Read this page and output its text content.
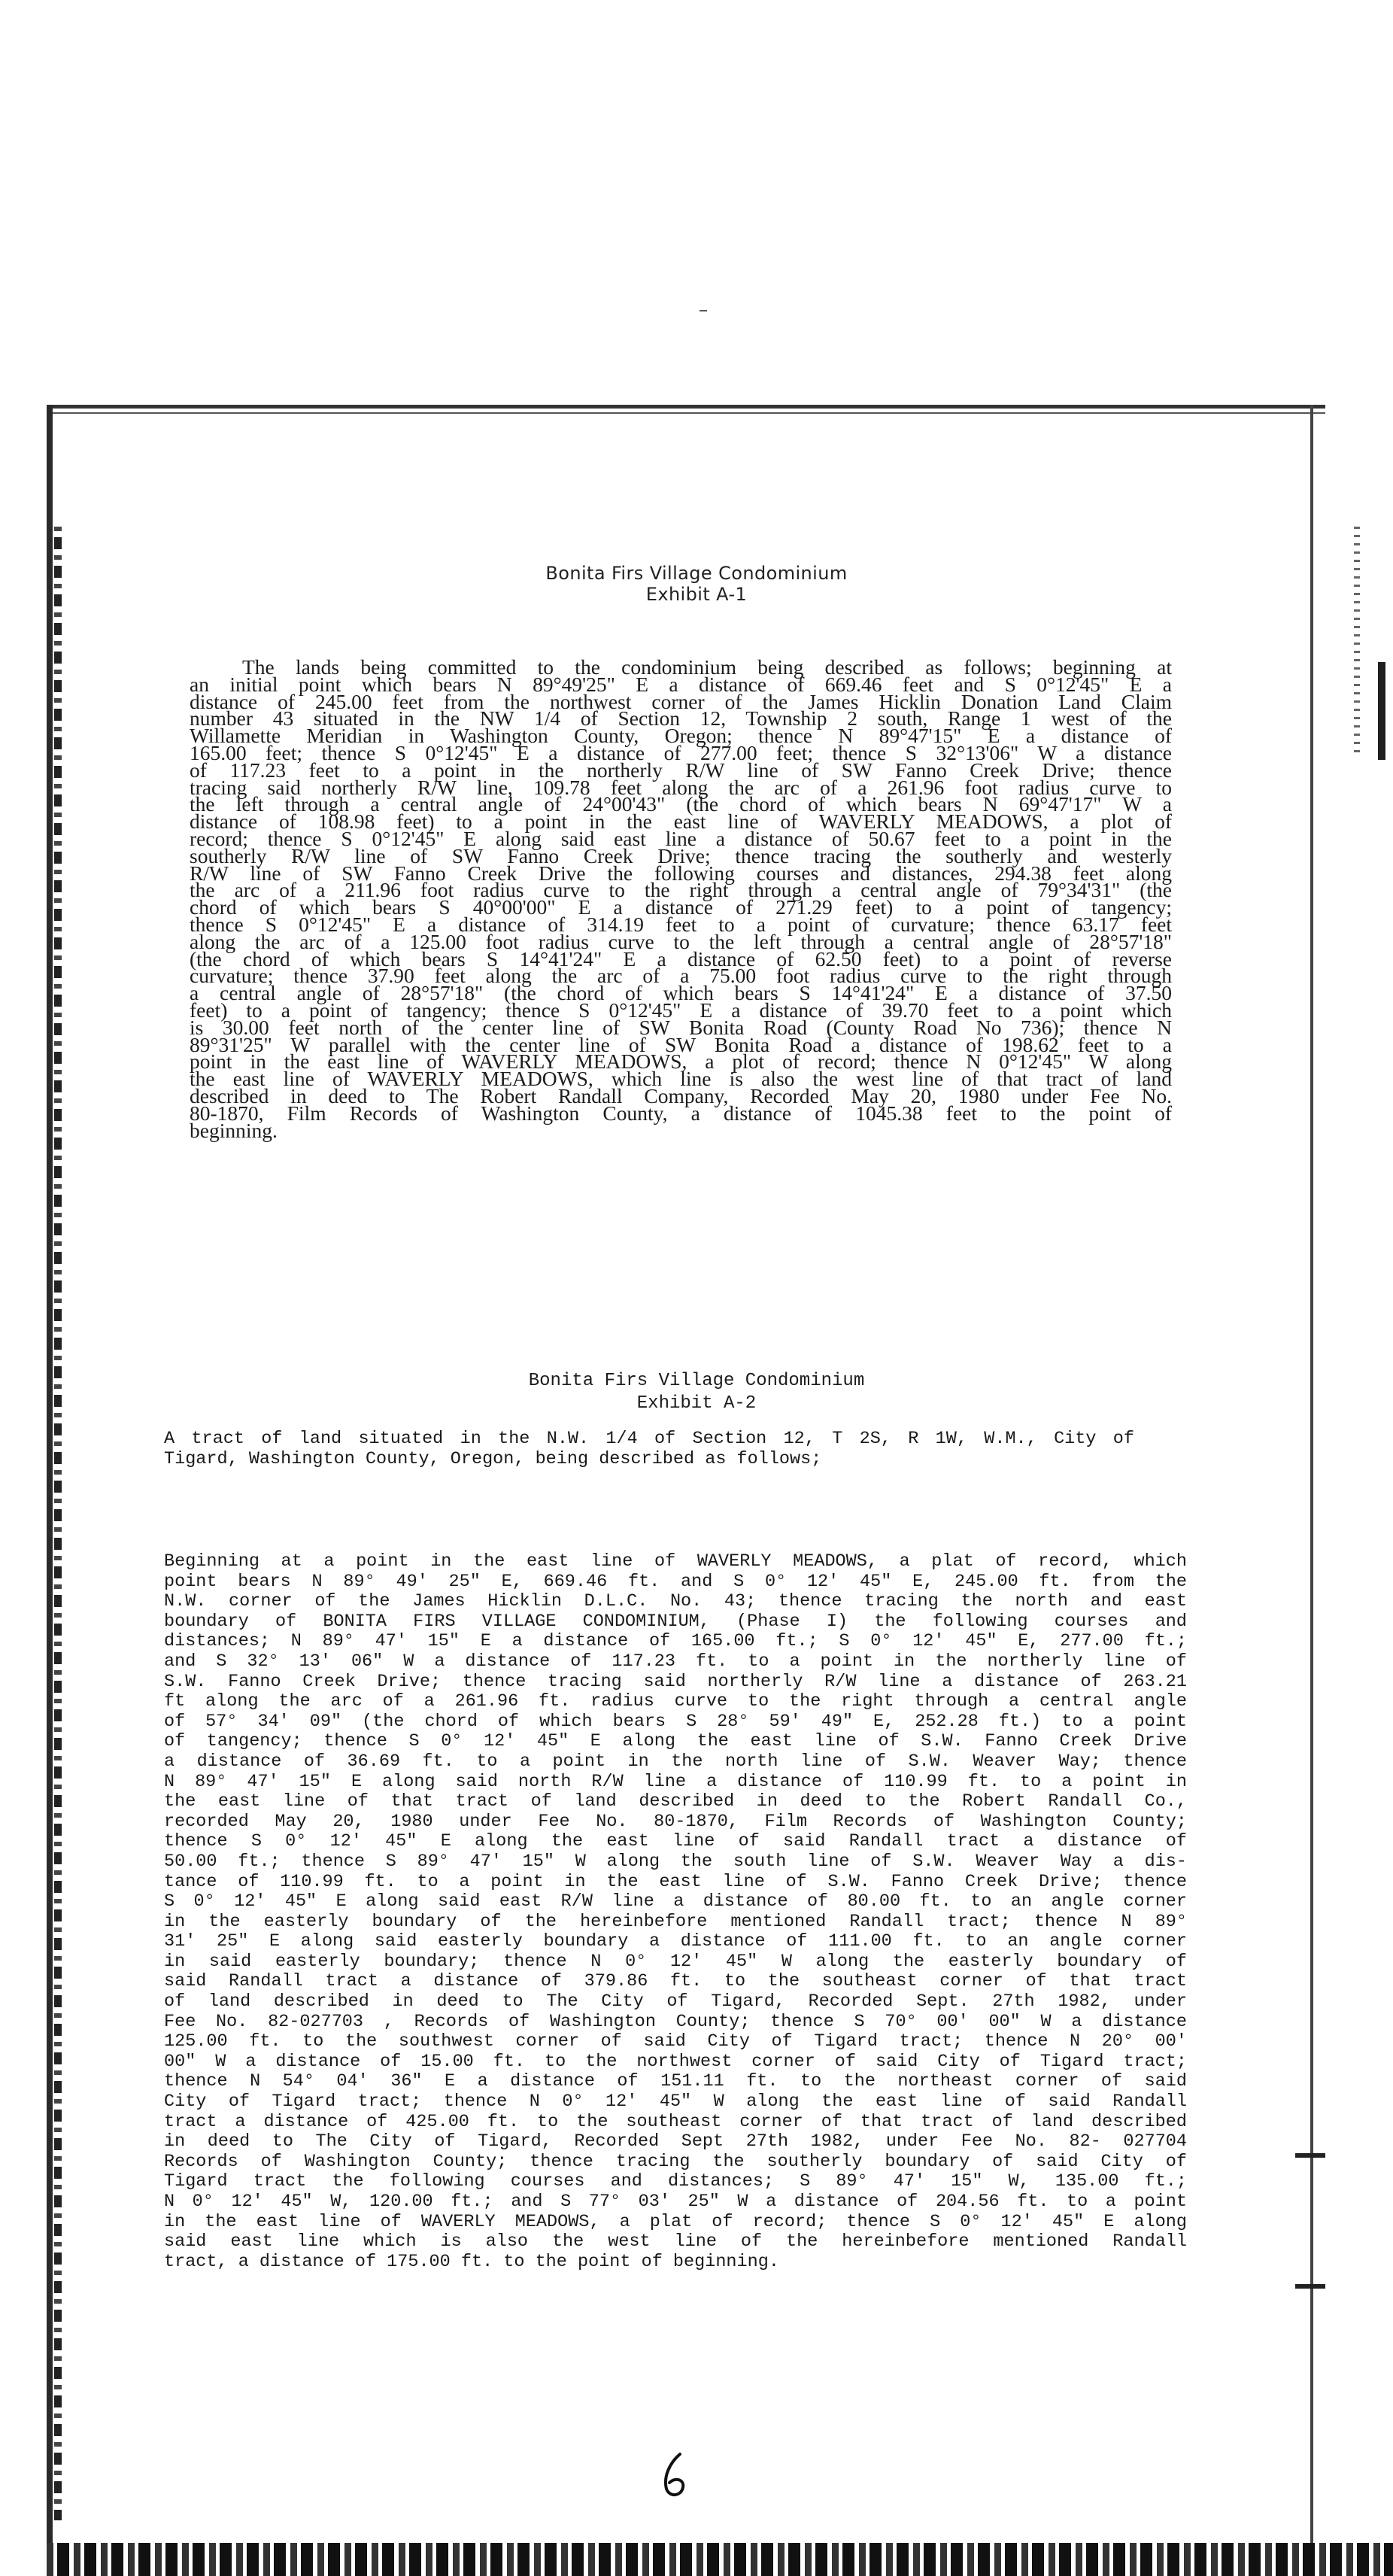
Bonita Firs Village Condominium
Exhibit A-1
The lands being committed to the condominium being described as follows; beginning at
an initial point which bears N 89°49'25" E a distance of 669.46 feet and S 0°12'45" E a
distance of 245.00 feet from the northwest corner of the James Hicklin Donation Land Claim
number 43 situated in the NW 1/4 of Section 12, Township 2 south, Range 1 west of the
Willamette Meridian in Washington County, Oregon; thence N 89°47'15" E a distance of
165.00 feet; thence S 0°12'45" E a distance of 277.00 feet; thence S 32°13'06" W a distance
of 117.23 feet to a point in the northerly R/W line of SW Fanno Creek Drive; thence
tracing said northerly R/W line, 109.78 feet along the arc of a 261.96 foot radius curve to
the left through a central angle of 24°00'43" (the chord of which bears N 69°47'17" W a
distance of 108.98 feet) to a point in the east line of WAVERLY MEADOWS, a plot of
record; thence S 0°12'45" E along said east line a distance of 50.67 feet to a point in the
southerly R/W line of SW Fanno Creek Drive; thence tracing the southerly and westerly
R/W line of SW Fanno Creek Drive the following courses and distances, 294.38 feet along
the arc of a 211.96 foot radius curve to the right through a central angle of 79°34'31" (the
chord of which bears S 40°00'00" E a distance of 271.29 feet) to a point of tangency;
thence S 0°12'45" E a distance of 314.19 feet to a point of curvature; thence 63.17 feet
along the arc of a 125.00 foot radius curve to the left through a central angle of 28°57'18"
(the chord of which bears S 14°41'24" E a distance of 62.50 feet) to a point of reverse
curvature; thence 37.90 feet along the arc of a 75.00 foot radius curve to the right through
a central angle of 28°57'18" (the chord of which bears S 14°41'24" E a distance of 37.50
feet) to a point of tangency; thence S 0°12'45" E a distance of 39.70 feet to a point which
is 30.00 feet north of the center line of SW Bonita Road (County Road No 736); thence N
89°31'25" W parallel with the center line of SW Bonita Road a distance of 198.62 feet to a
point in the east line of WAVERLY MEADOWS, a plot of record; thence N 0°12'45" W along
the east line of WAVERLY MEADOWS, which line is also the west line of that tract of land
described in deed to The Robert Randall Company, Recorded May 20, 1980 under Fee No.
80-1870, Film Records of Washington County, a distance of 1045.38 feet to the point of
beginning.
Bonita Firs Village Condominium
Exhibit A-2
A tract of land situated in the N.W. 1/4 of Section 12, T 2S, R 1W, W.M., City of
Tigard, Washington County, Oregon, being described as follows;
Beginning at a point in the east line of WAVERLY MEADOWS, a plat of record, which
point bears N 89° 49' 25" E, 669.46 ft. and S 0° 12' 45" E, 245.00 ft. from the
N.W. corner of the James Hicklin D.L.C. No. 43; thence tracing the north and east
boundary of BONITA FIRS VILLAGE CONDOMINIUM, (Phase I) the following courses and
distances; N 89° 47' 15" E a distance of 165.00 ft.; S 0° 12' 45" E, 277.00 ft.;
and S 32° 13' 06" W a distance of 117.23 ft. to a point in the northerly line of
S.W. Fanno Creek Drive; thence tracing said northerly R/W line a distance of 263.21
ft along the arc of a 261.96 ft. radius curve to the right through a central angle
of 57° 34' 09" (the chord of which bears S 28° 59' 49" E, 252.28 ft.) to a point
of tangency; thence S 0° 12' 45" E along the east line of S.W. Fanno Creek Drive
a distance of 36.69 ft. to a point in the north line of S.W. Weaver Way; thence
N 89° 47' 15" E along said north R/W line a distance of 110.99 ft. to a point in
the east line of that tract of land described in deed to the Robert Randall Co.,
recorded May 20, 1980 under Fee No. 80-1870, Film Records of Washington County;
thence S 0° 12' 45" E along the east line of said Randall tract a distance of
50.00 ft.; thence S 89° 47' 15" W along the south line of S.W. Weaver Way a dis-
tance of 110.99 ft. to a point in the east line of S.W. Fanno Creek Drive; thence
S 0° 12' 45" E along said east R/W line a distance of 80.00 ft. to an angle corner
in the easterly boundary of the hereinbefore mentioned Randall tract; thence N 89°
31' 25" E along said easterly boundary a distance of 111.00 ft. to an angle corner
in said easterly boundary; thence N 0° 12' 45" W along the easterly boundary of
said Randall tract a distance of 379.86 ft. to the southeast corner of that tract
of land described in deed to The City of Tigard, Recorded Sept. 27th 1982, under
Fee No. 82-027703 , Records of Washington County; thence S 70° 00' 00" W a distance
125.00 ft. to the southwest corner of said City of Tigard tract; thence N 20° 00'
00" W a distance of 15.00 ft. to the northwest corner of said City of Tigard tract;
thence N 54° 04' 36" E a distance of 151.11 ft. to the northeast corner of said
City of Tigard tract; thence N 0° 12' 45" W along the east line of said Randall
tract a distance of 425.00 ft. to the southeast corner of that tract of land described
in deed to The City of Tigard, Recorded Sept 27th 1982, under Fee No. 82- 027704
Records of Washington County; thence tracing the southerly boundary of said City of
Tigard tract the following courses and distances; S 89° 47' 15" W, 135.00 ft.;
N 0° 12' 45" W, 120.00 ft.; and S 77° 03' 25" W a distance of 204.56 ft. to a point
in the east line of WAVERLY MEADOWS, a plat of record; thence S 0° 12' 45" E along
said east line which is also the west line of the hereinbefore mentioned Randall
tract, a distance of 175.00 ft. to the point of beginning.
